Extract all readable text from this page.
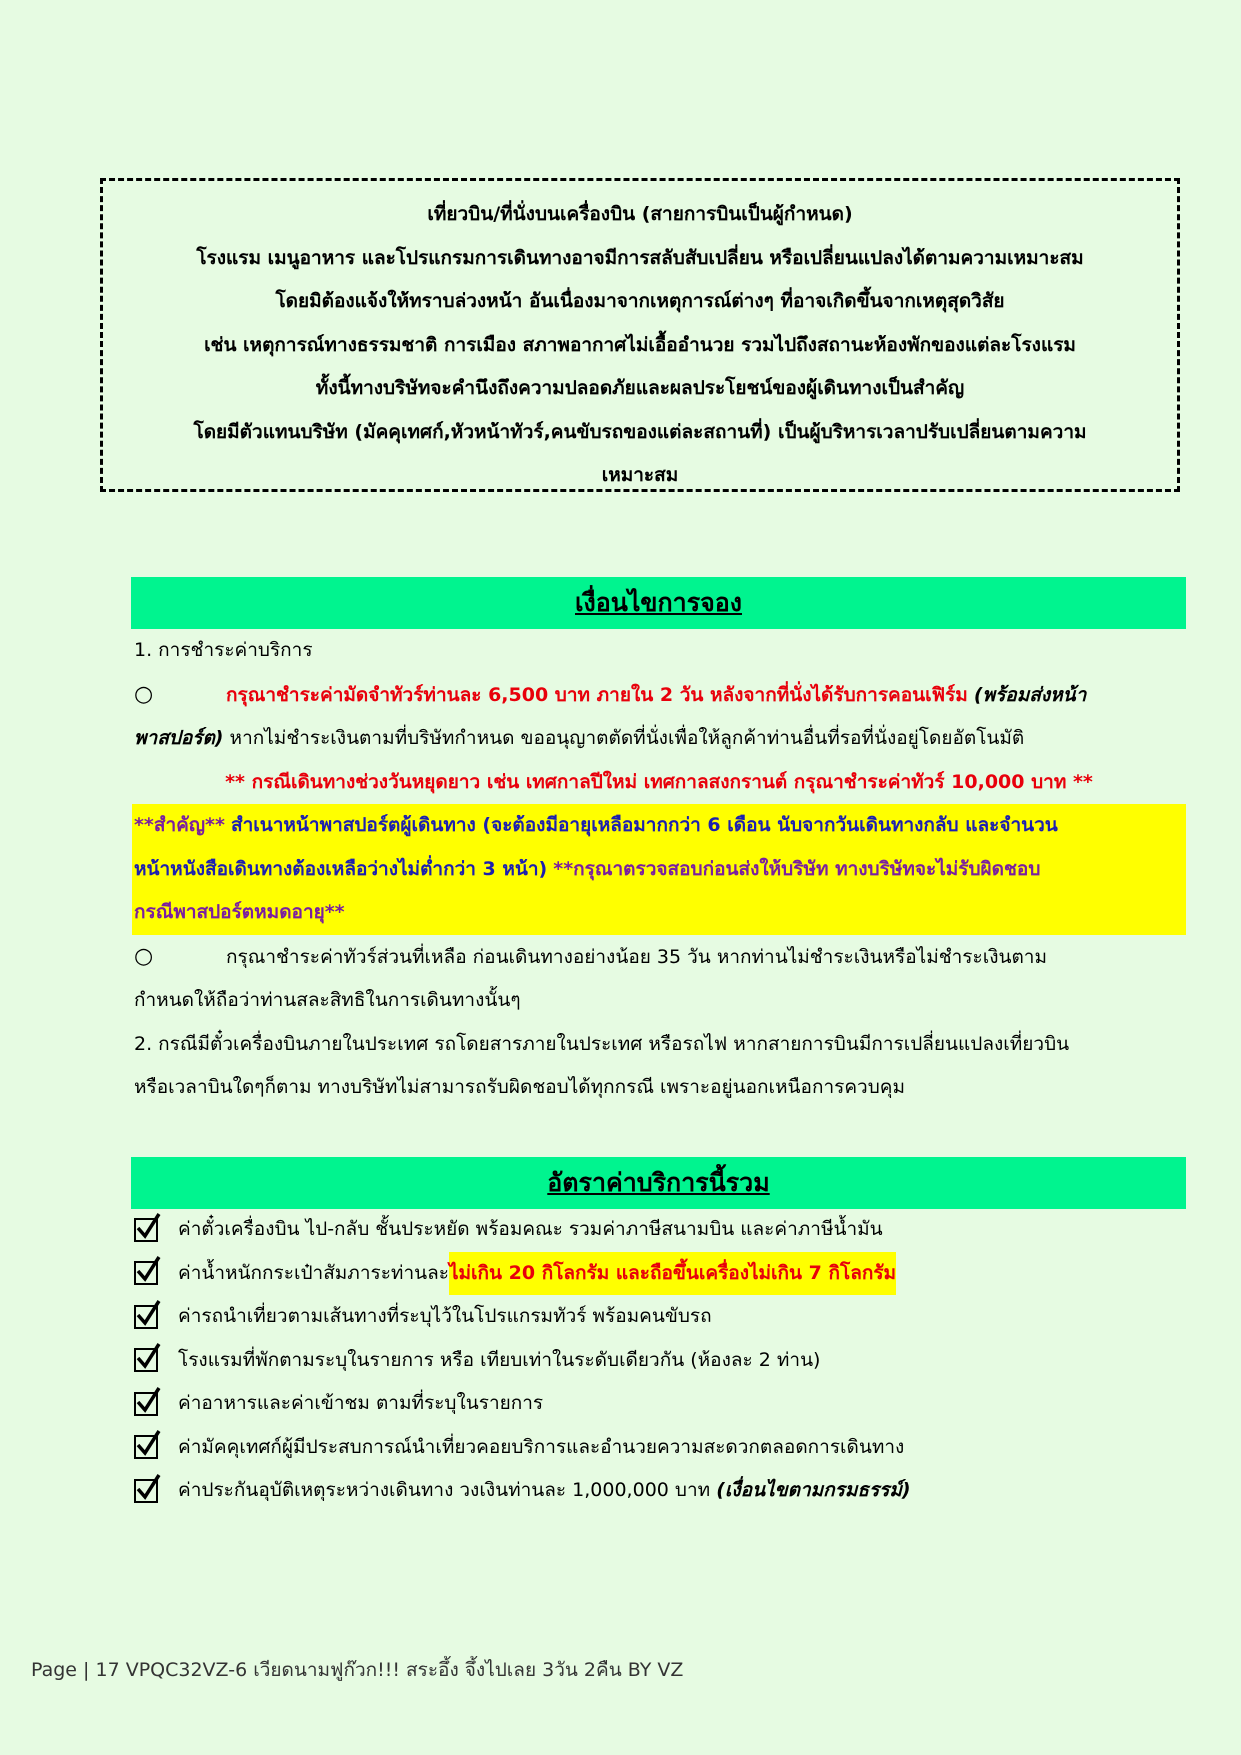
เที่ยวบิน/ที่นั่งบนเครื่องบิน (สายการบินเป็นผู้กำหนด)
โรงแรม เมนูอาหาร และโปรแกรมการเดินทางอาจมีการสลับสับเปลี่ยน หรือเปลี่ยนแปลงได้ตามความเหมาะสม
โดยมิต้องแจ้งให้ทราบล่วงหน้า อันเนื่องมาจากเหตุการณ์ต่างๆ ที่อาจเกิดขึ้นจากเหตุสุดวิสัย
เช่น เหตุการณ์ทางธรรมชาติ การเมือง สภาพอากาศไม่เอื้ออำนวย รวมไปถึงสถานะห้องพักของแต่ละโรงแรม
ทั้งนี้ทางบริษัทจะคำนึงถึงความปลอดภัยและผลประโยชน์ของผู้เดินทางเป็นสำคัญ
โดยมีตัวแทนบริษัท (มัคคุเทศก์,หัวหน้าทัวร์,คนขับรถของแต่ละสถานที่) เป็นผู้บริหารเวลาปรับเปลี่ยนตามความ
เหมาะสม
เงื่อนไขการจอง
1. การชำระค่าบริการ
○	กรุณาชำระค่ามัดจำทัวร์ท่านละ 6,500 บาท ภายใน 2 วัน หลังจากที่นั่งได้รับการคอนเฟิร์ม (พร้อมส่งหน้า
พาสปอร์ต) หากไม่ชำระเงินตามที่บริษัทกำหนด ขออนุญาตตัดที่นั่งเพื่อให้ลูกค้าท่านอื่นที่รอที่นั่งอยู่โดยอัตโนมัติ
** กรณีเดินทางช่วงวันหยุดยาว เช่น เทศกาลปีใหม่ เทศกาลสงกรานต์ กรุณาชำระค่าทัวร์ 10,000 บาท **
**สำคัญ** สำเนาหน้าพาสปอร์ตผู้เดินทาง (จะต้องมีอายุเหลือมากกว่า 6 เดือน นับจากวันเดินทางกลับ และจำนวน
หน้าหนังสือเดินทางต้องเหลือว่างไม่ต่ำกว่า 3 หน้า) **กรุณาตรวจสอบก่อนส่งให้บริษัท ทางบริษัทจะไม่รับผิดชอบ
กรณีพาสปอร์ตหมดอายุ**
○	กรุณาชำระค่าทัวร์ส่วนที่เหลือ ก่อนเดินทางอย่างน้อย 35 วัน หากท่านไม่ชำระเงินหรือไม่ชำระเงินตาม
กำหนดให้ถือว่าท่านสละสิทธิในการเดินทางนั้นๆ
2. กรณีมีตั๋วเครื่องบินภายในประเทศ รถโดยสารภายในประเทศ หรือรถไฟ หากสายการบินมีการเปลี่ยนแปลงเที่ยวบิน
หรือเวลาบินใดๆก็ตาม ทางบริษัทไม่สามารถรับผิดชอบได้ทุกกรณี เพราะอยู่นอกเหนือการควบคุม
อัตราค่าบริการนี้รวม
ค่าตั๋วเครื่องบิน ไป-กลับ ชั้นประหยัด พร้อมคณะ รวมค่าภาษีสนามบิน และค่าภาษีน้ำมัน
ค่าน้ำหนักกระเป๋าสัมภาระท่านละ ไม่เกิน 20 กิโลกรัม และถือขึ้นเครื่องไม่เกิน 7 กิโลกรัม
ค่ารถนำเที่ยวตามเส้นทางที่ระบุไว้ในโปรแกรมทัวร์ พร้อมคนขับรถ
โรงแรมที่พักตามระบุในรายการ หรือ เทียบเท่าในระดับเดียวกัน (ห้องละ 2 ท่าน)
ค่าอาหารและค่าเข้าชม ตามที่ระบุในรายการ
ค่ามัคคุเทศก์ผู้มีประสบการณ์นำเที่ยวคอยบริการและอำนวยความสะดวกตลอดการเดินทาง
ค่าประกันอุบัติเหตุระหว่างเดินทาง วงเงินท่านละ 1,000,000 บาท
(เงื่อนไขตามกรมธรรม์)
Page | 17 VPQC32VZ-6 เวียดนามฟูก๊วก!!! สระอึ้ง จึ้งไปเลย 3วัน 2คืน BY VZ
